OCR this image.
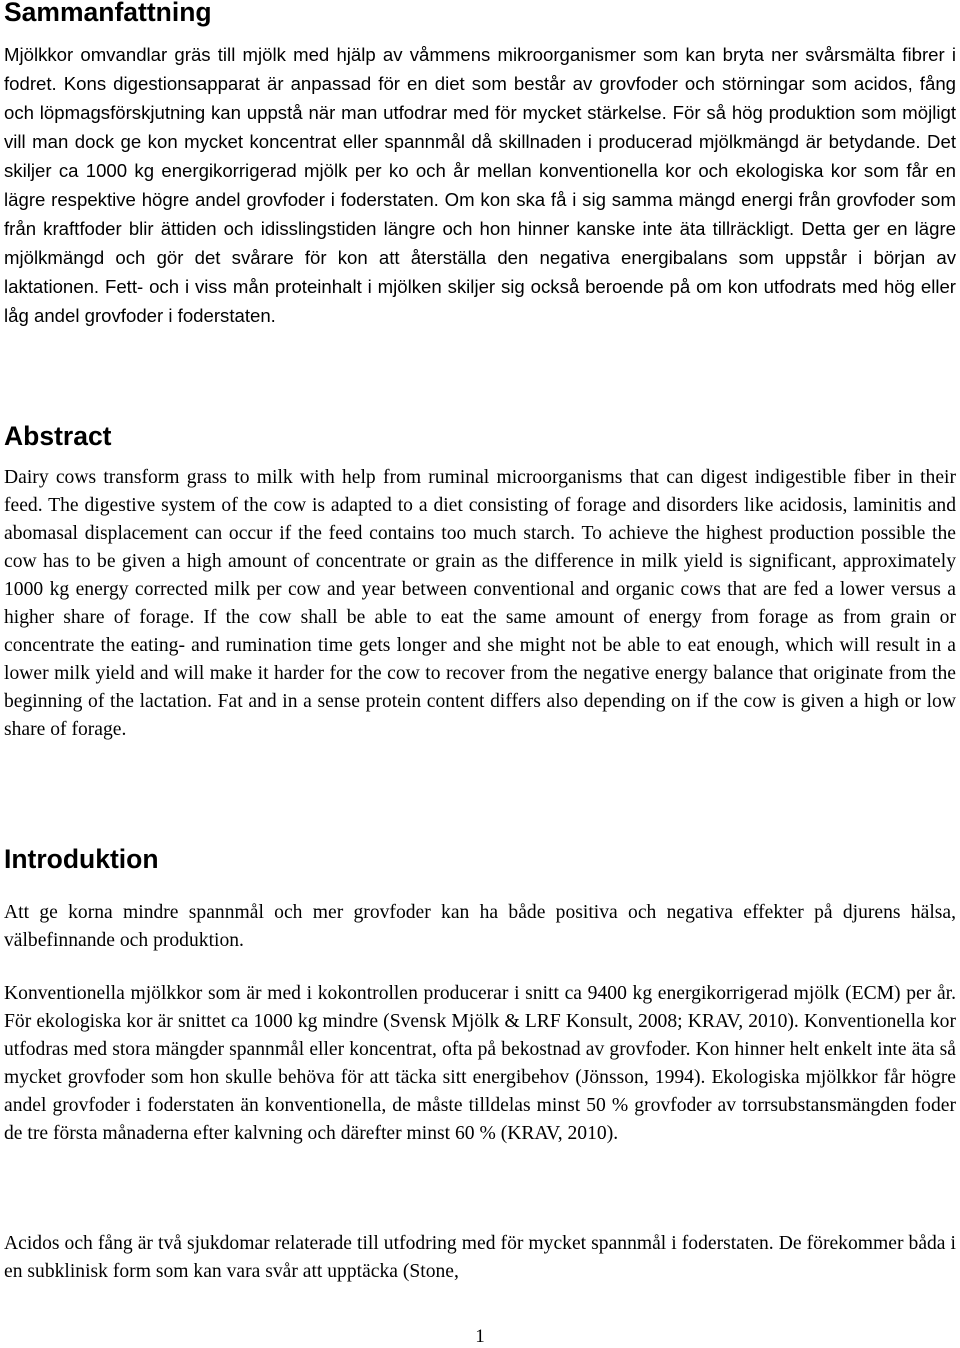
Sammanfattning

Mjölkkor omvandlar gräs till mjölk med hjälp av våmmens mikroorganismer som kan bryta ner svårsmälta fibrer i fodret. Kons digestionsapparat är anpassad för en diet som består av grovfoder och störningar som acidos, fång och löpmagsförskjutning kan uppstå när man utfodrar med för mycket stärkelse. För så hög produktion som möjligt vill man dock ge kon mycket koncentrat eller spannmål då skillnaden i producerad mjölkmängd är betydande. Det skiljer ca 1000 kg energikorrigerad mjölk per ko och år mellan konventionella kor och ekologiska kor som får en lägre respektive högre andel grovfoder i foderstaten. Om kon ska få i sig samma mängd energi från grovfoder som från kraftfoder blir ättiden och idisslingstiden längre och hon hinner kanske inte äta tillräckligt. Detta ger en lägre mjölkmängd och gör det svårare för kon att återställa den negativa energibalans som uppstår i början av laktationen. Fett- och i viss mån proteinhalt i mjölken skiljer sig också beroende på om kon utfodrats med hög eller låg andel grovfoder i foderstaten.

Abstract

Dairy cows transform grass to milk with help from ruminal microorganisms that can digest indigestible fiber in their feed. The digestive system of the cow is adapted to a diet consisting of forage and disorders like acidosis, laminitis and abomasal displacement can occur if the feed contains too much starch. To achieve the highest production possible the cow has to be given a high amount of concentrate or grain as the difference in milk yield is significant, approximately 1000 kg energy corrected milk per cow and year between conventional and organic cows that are fed a lower versus a higher share of forage. If the cow shall be able to eat the same amount of energy from forage as from grain or concentrate the eating- and rumination time gets longer and she might not be able to eat enough, which will result in a lower milk yield and will make it harder for the cow to recover from the negative energy balance that originate from the beginning of the lactation. Fat and in a sense protein content differs also depending on if the cow is given a high or low share of forage.

Introduktion

Att ge korna mindre spannmål och mer grovfoder kan ha både positiva och negativa effekter på djurens hälsa, välbefinnande och produktion.

Konventionella mjölkkor som är med i kokontrollen producerar i snitt ca 9400 kg energikorrigerad mjölk (ECM) per år. För ekologiska kor är snittet ca 1000 kg mindre (Svensk Mjölk & LRF Konsult, 2008; KRAV, 2010). Konventionella kor utfodras med stora mängder spannmål eller koncentrat, ofta på bekostnad av grovfoder. Kon hinner helt enkelt inte äta så mycket grovfoder som hon skulle behöva för att täcka sitt energibehov (Jönsson, 1994). Ekologiska mjölkkor får högre andel grovfoder i foderstaten än konventionella, de måste tilldelas minst 50 % grovfoder av torrsubstansmängden foder de tre första månaderna efter kalvning och därefter minst 60 % (KRAV, 2010).

Acidos och fång är två sjukdomar relaterade till utfodring med för mycket spannmål i foderstaten. De förekommer båda i en subklinisk form som kan vara svår att upptäcka (Stone,

1
